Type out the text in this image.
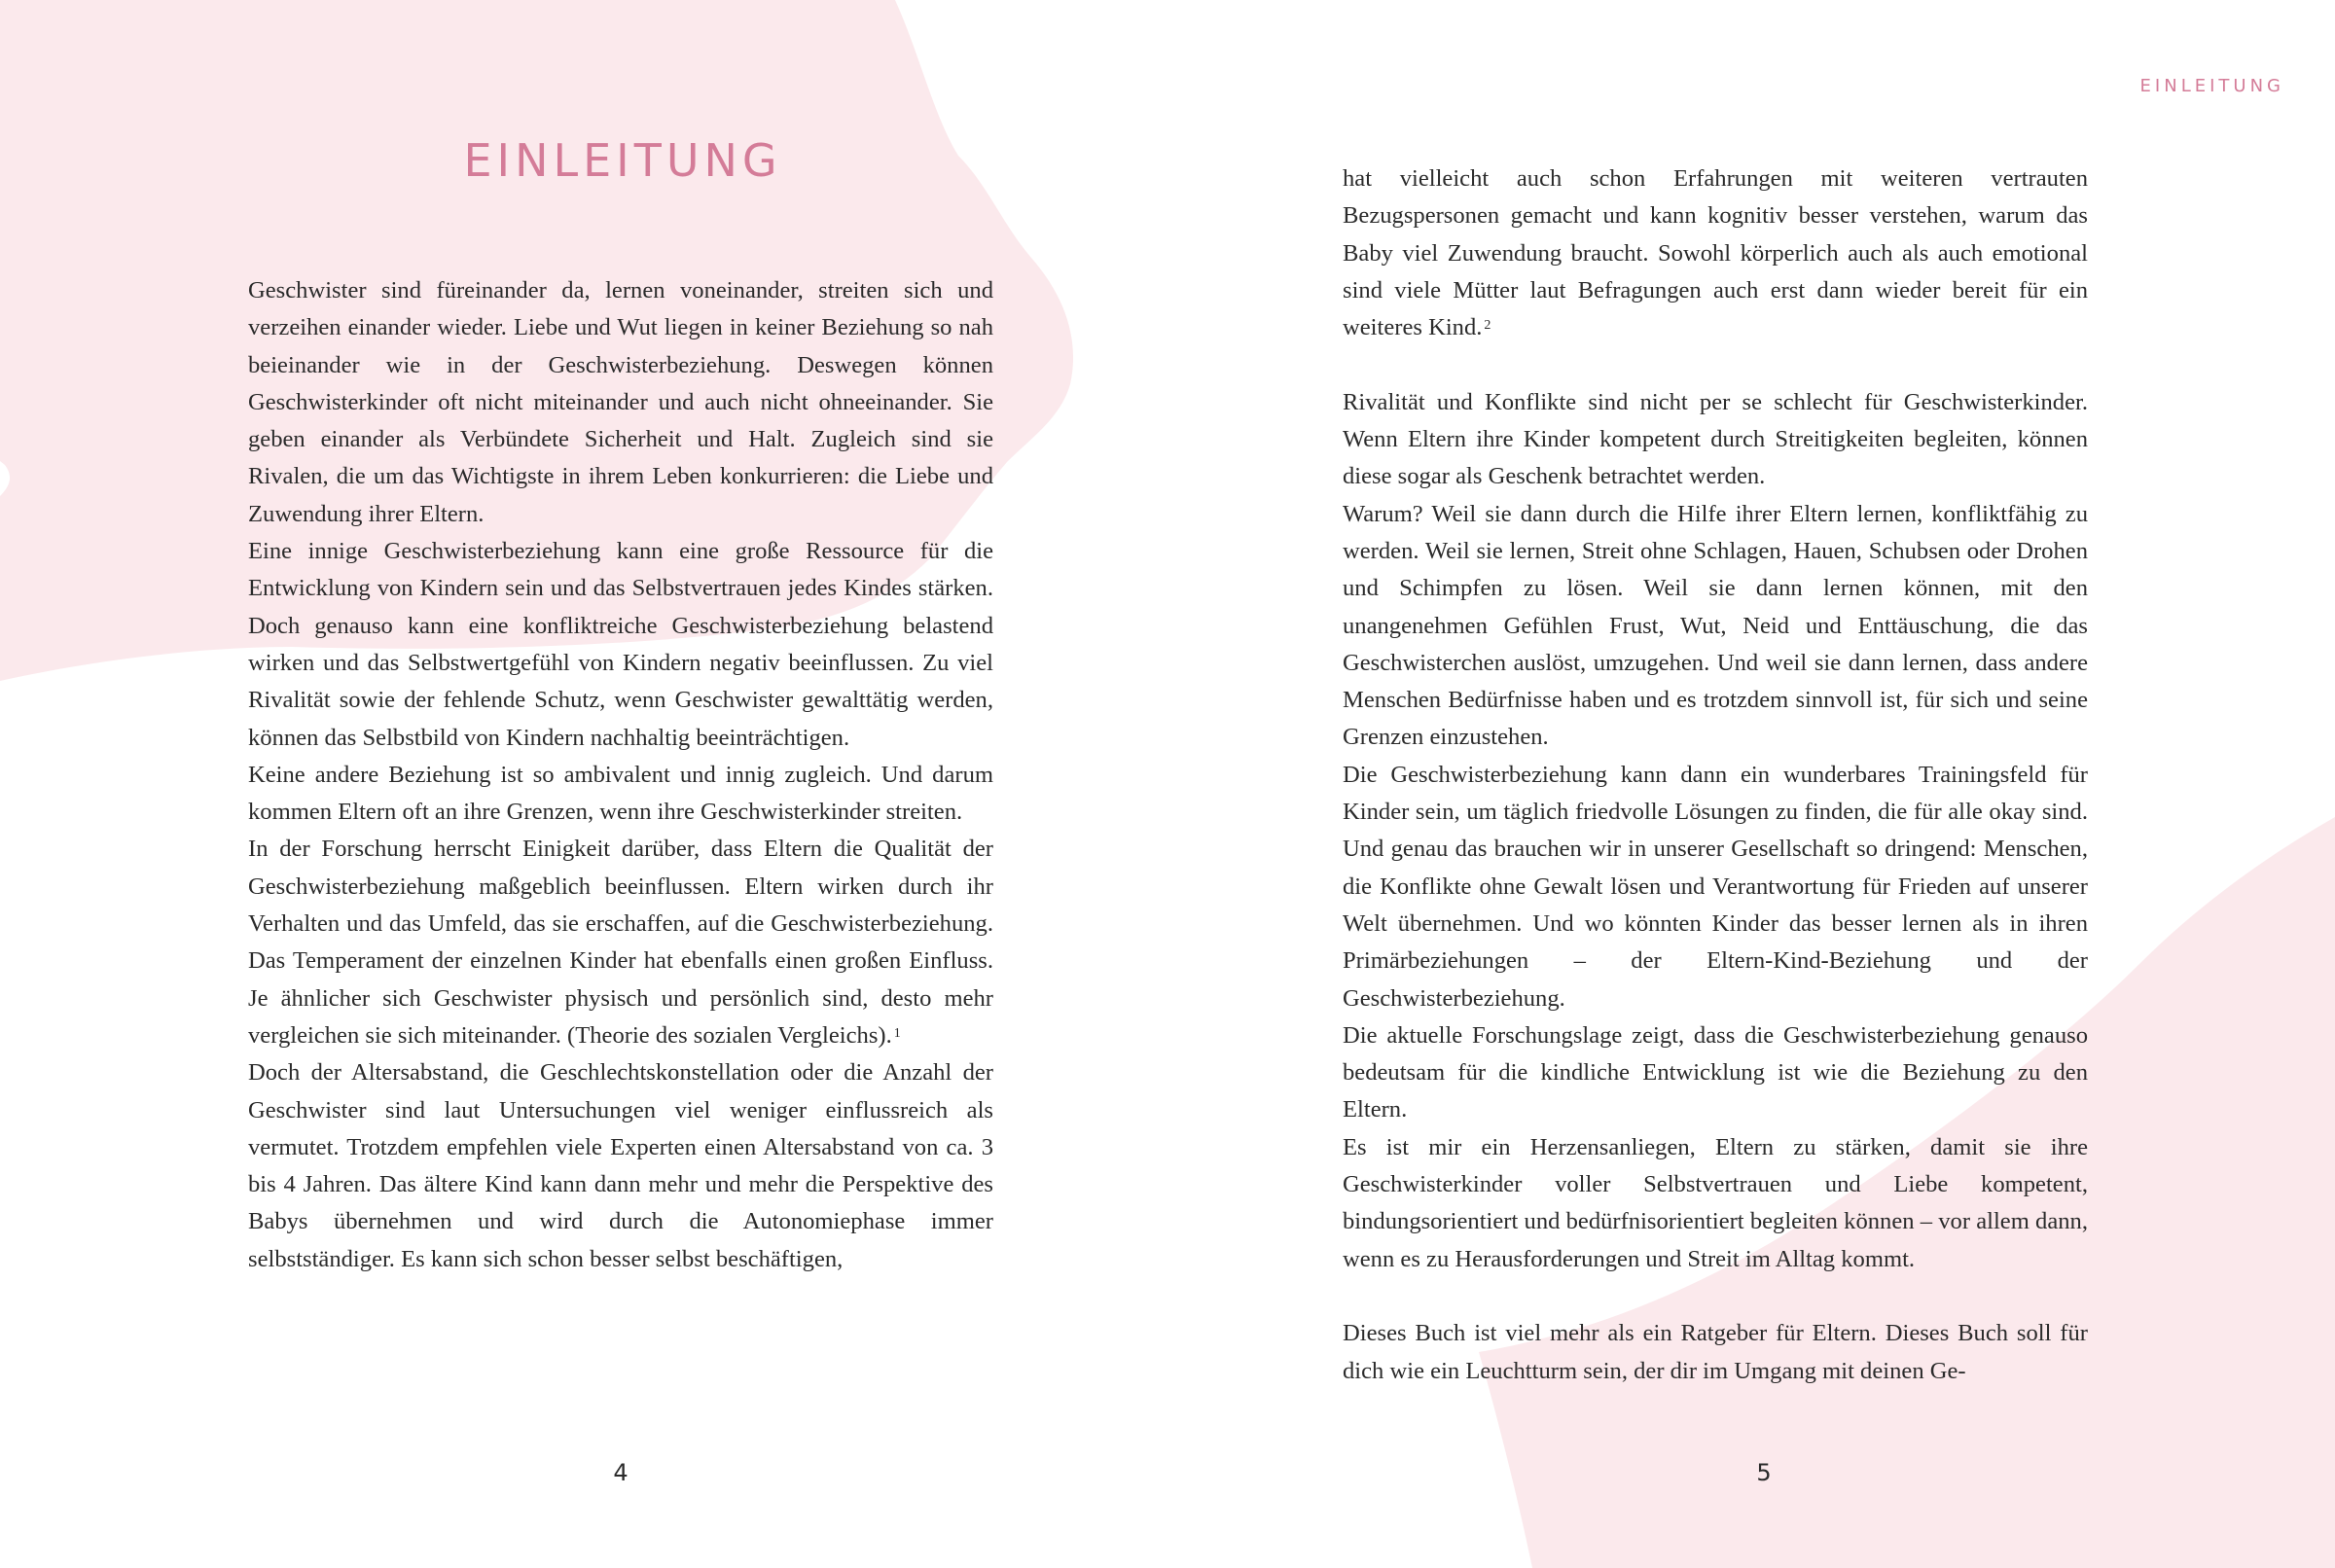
EINLEITUNG

Geschwister sind füreinander da, lernen voneinander, streiten sich und verzeihen einander wieder. Liebe und Wut liegen in keiner Beziehung so nah beieinander wie in der Geschwisterbeziehung. Deswegen können Geschwisterkinder oft nicht miteinander und auch nicht ohneeinander. Sie geben einander als Verbündete Sicherheit und Halt. Zugleich sind sie Rivalen, die um das Wichtigste in ihrem Leben konkurrieren: die Liebe und Zuwendung ihrer Eltern.

Eine innige Geschwisterbeziehung kann eine große Ressource für die Entwicklung von Kindern sein und das Selbstvertrauen jedes Kindes stärken. Doch genauso kann eine konfliktreiche Geschwisterbeziehung belastend wirken und das Selbstwertgefühl von Kindern negativ beeinflussen. Zu viel Rivalität sowie der fehlende Schutz, wenn Geschwister gewalttätig werden, können das Selbstbild von Kindern nachhaltig beeinträchtigen.

Keine andere Beziehung ist so ambivalent und innig zugleich. Und darum kommen Eltern oft an ihre Grenzen, wenn ihre Geschwisterkinder streiten.

In der Forschung herrscht Einigkeit darüber, dass Eltern die Qualität der Geschwisterbeziehung maßgeblich beeinflussen. Eltern wirken durch ihr Verhalten und das Umfeld, das sie erschaffen, auf die Geschwisterbeziehung. Das Temperament der einzelnen Kinder hat ebenfalls einen großen Einfluss. Je ähnlicher sich Geschwister physisch und persönlich sind, desto mehr vergleichen sie sich miteinander. (Theorie des sozialen Vergleichs). $^1$

Doch der Altersabstand, die Geschlechtskonstellation oder die Anzahl der Geschwister sind laut Untersuchungen viel weniger einflussreich als vermutet. Trotzdem empfehlen viele Experten einen Altersabstand von ca. 3 bis 4 Jahren. Das ältere Kind kann dann mehr und mehr die Perspektive des Babys übernehmen und wird durch die Autonomiephase immer selbstständiger. Es kann sich schon besser selbst beschäftigen,

4
EINLEITUNG

hat vielleicht auch schon Erfahrungen mit weiteren vertrauten Bezugspersonen gemacht und kann kognitiv besser verstehen, warum das Baby viel Zuwendung braucht. Sowohl körperlich auch als auch emotional sind viele Mütter laut Befragungen auch erst dann wieder bereit für ein weiteres Kind. $^2$

Rivalität und Konflikte sind nicht per se schlecht für Geschwisterkinder. Wenn Eltern ihre Kinder kompetent durch Streitigkeiten begleiten, können diese sogar als Geschenk betrachtet werden.

Warum? Weil sie dann durch die Hilfe ihrer Eltern lernen, konfliktfähig zu werden. Weil sie lernen, Streit ohne Schlagen, Hauen, Schubsen oder Drohen und Schimpfen zu lösen. Weil sie dann lernen können, mit den unangenehmen Gefühlen Frust, Wut, Neid und Enttäuschung, die das Geschwisterchen auslöst, umzugehen. Und weil sie dann lernen, dass andere Menschen Bedürfnisse haben und es trotzdem sinnvoll ist, für sich und seine Grenzen einzustehen.

Die Geschwisterbeziehung kann dann ein wunderbares Trainingsfeld für Kinder sein, um täglich friedvolle Lösungen zu finden, die für alle okay sind. Und genau das brauchen wir in unserer Gesellschaft so dringend: Menschen, die Konflikte ohne Gewalt lösen und Verantwortung für Frieden auf unserer Welt übernehmen. Und wo könnten Kinder das besser lernen als in ihren Primärbeziehungen – der Eltern-Kind-Beziehung und der Geschwisterbeziehung.

Die aktuelle Forschungslage zeigt, dass die Geschwisterbeziehung genauso bedeutsam für die kindliche Entwicklung ist wie die Beziehung zu den Eltern.

Es ist mir ein Herzensanliegen, Eltern zu stärken, damit sie ihre Geschwisterkinder voller Selbstvertrauen und Liebe kompetent, bindungsorientiert und bedürfnisorientiert begleiten können – vor allem dann, wenn es zu Herausforderungen und Streit im Alltag kommt.

Dieses Buch ist viel mehr als ein Ratgeber für Eltern. Dieses Buch soll für dich wie ein Leuchtturm sein, der dir im Umgang mit deinen Ge-

5
